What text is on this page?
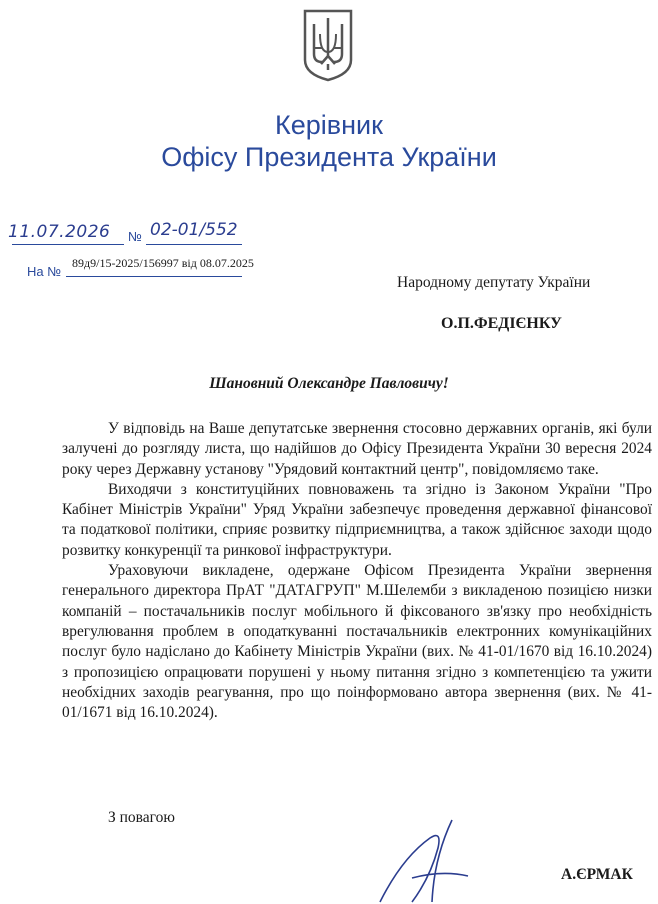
Керівник
Офісу Президента України
11.07.2026 № 02-01/552
На №
89д9/15-2025/156997 від 08.07.2025
Народному депутату України
О.П.ФЕДІЄНКУ
Шановний Олександре Павловичу!

У відповідь на Ваше депутатське звернення стосовно державних органів, які були залучені до розгляду листа, що надійшов до Офісу Президента України 30 вересня 2024 року через Державну установу "Урядовий контактний центр", повідомляємо таке.

Виходячи з конституційних повноважень та згідно із Законом України "Про Кабінет Міністрів України" Уряд України забезпечує проведення державної фінансової та податкової політики, сприяє розвитку підприємництва, а також здійснює заходи щодо розвитку конкуренції та ринкової інфраструктури.

Ураховуючи викладене, одержане Офісом Президента України звернення генерального директора ПрАТ "ДАТАГРУП" М.Шелемби з викладеною позицією низки компаній – постачальників послуг мобільного й фіксованого зв'язку про необхідність врегулювання проблем в оподаткуванні постачальників електронних комунікаційних послуг було надіслано до Кабінету Міністрів України (вих. № 41-01/1670 від 16.10.2024) з пропозицією опрацювати порушені у ньому питання згідно з компетенцією та ужити необхідних заходів реагування, про що поінформовано автора звернення (вих. № 41-01/1671 від 16.10.2024).

З повагою
А.ЄРМАК
